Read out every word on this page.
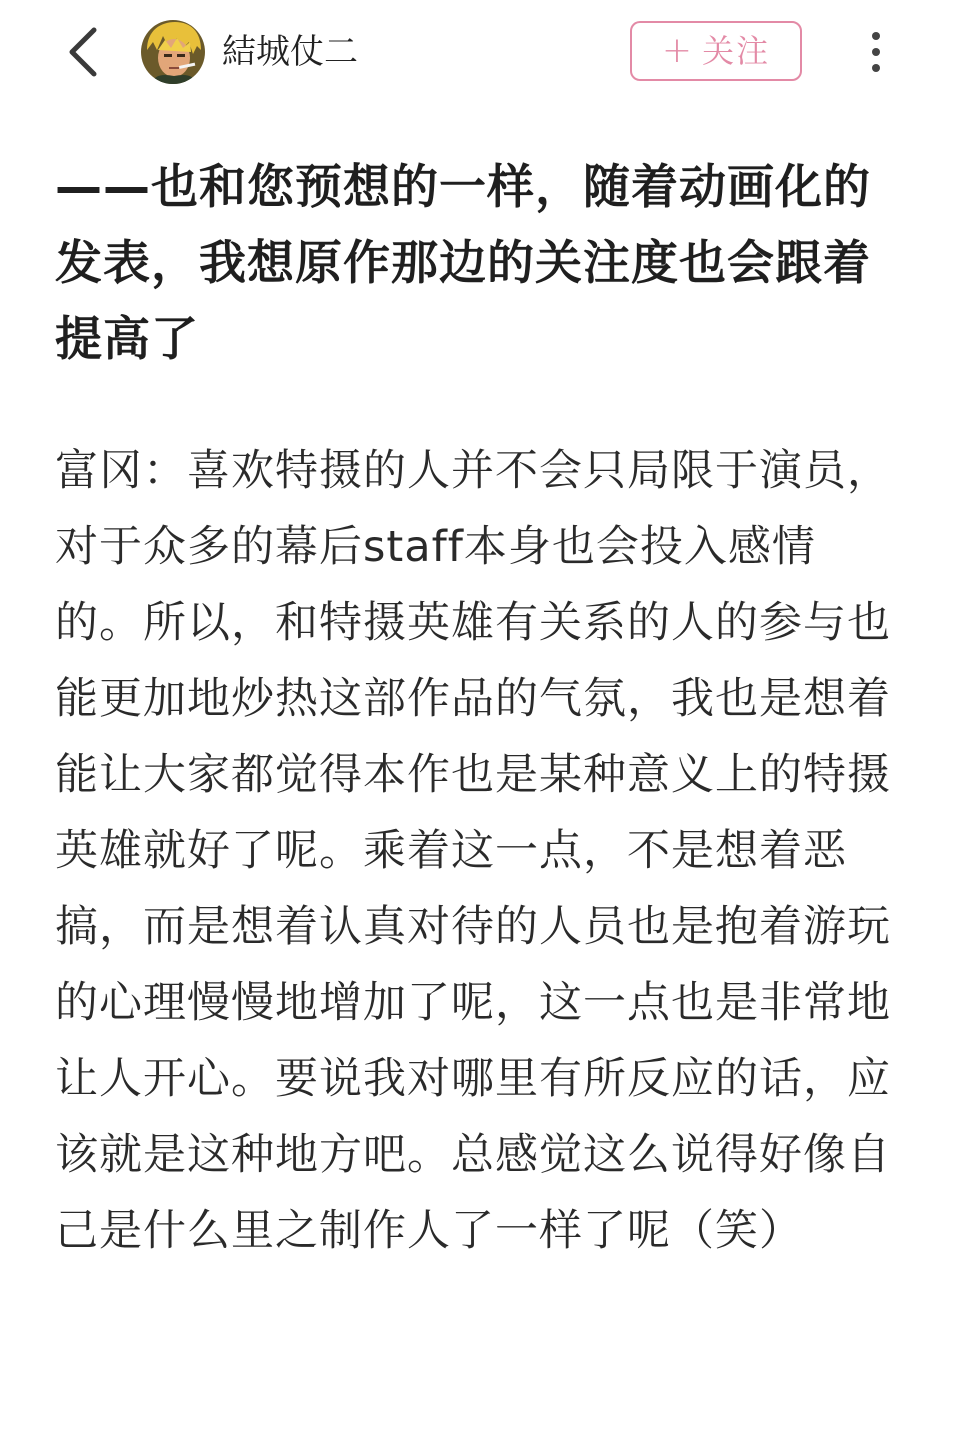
結城仗二	+ 关注

——也和您预想的一样，随着动画化的发表，我想原作那边的关注度也会跟着提高了

富冈：喜欢特摄的人并不会只局限于演员，对于众多的幕后staff本身也会投入感情的。所以，和特摄英雄有关系的人的参与也能更加地炒热这部作品的气氛，我也是想着能让大家都觉得本作也是某种意义上的特摄英雄就好了呢。乘着这一点，不是想着恶搞，而是想着认真对待的人员也是抱着游玩的心理慢慢地增加了呢，这一点也是非常地让人开心。要说我对哪里有所反应的话，应该就是这种地方吧。总感觉这么说得好像自己是什么里之制作人了一样了呢（笑）
